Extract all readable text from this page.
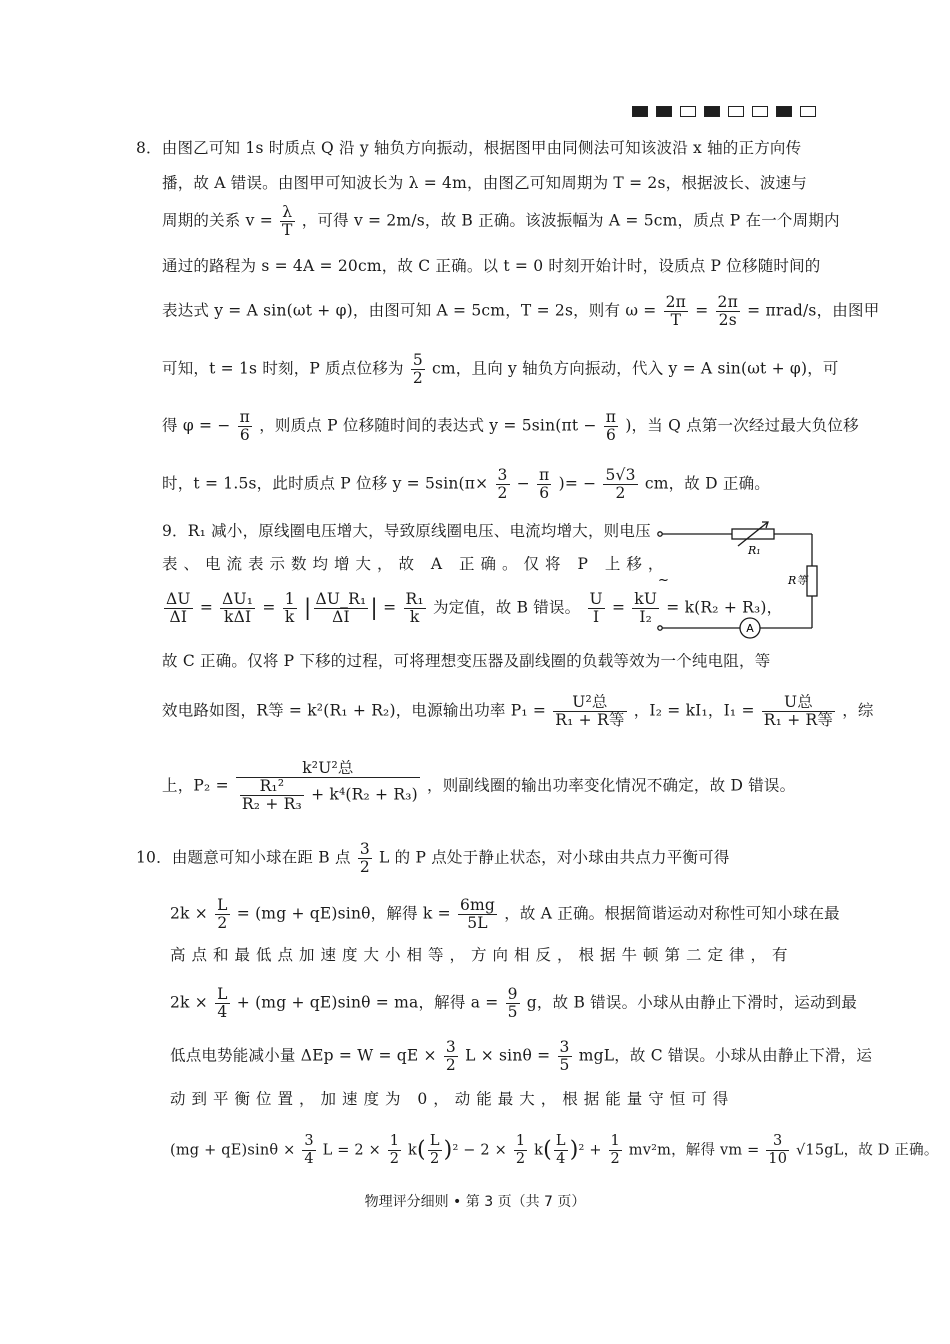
8．由图乙可知 1s 时质点 Q 沿 y 轴负方向振动，根据图甲由同侧法可知该波沿 x 轴的正方向传
播，故 A 错误。由图甲可知波长为 λ = 4m，由图乙可知周期为 T = 2s，根据波长、波速与
周期的关系 $v = \frac{\lambda}{T}$ ，可得 v = 2m/s，故 B 正确。该波振幅为 A = 5cm，质点 P 在一个周期内
通过的路程为 s = 4A = 20cm，故 C 正确。以 t = 0 时刻开始计时，设质点 P 位移随时间的
表达式 y = A sin(ωt + φ)，由图可知 A = 5cm，T = 2s，则有 $\omega = \frac{2\pi}{T} = \frac{2\pi}{2s} = \pi rad/s$，由图甲
可知，t = 1s 时刻，P 质点位移为 $\frac{5}{2}$ cm，且向 y 轴负方向振动，代入 y = A sin(ωt + φ)，可
得 φ = − $\frac{\pi}{6}$ ，则质点 P 位移随时间的表达式 $y = 5\sin(\pi t - \frac{\pi}{6}$ )，当 Q 点第一次经过最大负位移
时，t = 1.5s，此时质点 P 位移 $y = 5\sin(\pi\times \frac{3}{2} - \frac{\pi}{6}$ )= − $\frac{5√3}{2}$ cm，故 D 正确。
9．R₁ 减小，原线圈电压增大，导致原线圈电压、电流均增大，则电压
表、电流表示数均增大，故 A 正确。仅将 P 上移，
$\frac{\Delta U}{\Delta I} = \Delta U_1$
kΔI
= $\frac{1}{k}$ | $\frac{\text{ΔU\_R₁}}{\Delta I}$ | = $\frac{\text{R₁}}{k}$ 为定值，故 B 错误。 $\frac{U}{I} = \frac{kU}{\text{I₂}} = k(R_2 + R_3)$，
故 C 正确。仅将 P 下移的过程，可将理想变压器及副线圈的负载等效为一个纯电阻，等
效电路如图，R等 = k²(R₁ + R₂)，电源输出功率 P₁ =	U²总
R₁ + R等
，I₂ = kI₁，I₁ =	U总
R₁ + R等
，综
上，P₂ =
k²U²总
$\frac{\text{R₁²}}{\text{R₂ + R₃}} + k^4(R_2 + R_3)$ ，则副线圈的输出功率变化情况不确定，故 D 错误。
R₁
R等
A
~
10．由题意可知小球在距 B 点 $\frac{3}{2}$ L 的 P 点处于静止状态，对小球由共点力平衡可得
$2k \times \frac{L}{2} = (mg + qE)\sin\theta$，解得 $k = \frac{6mg}{5L}$ ，故 A 正确。根据简谐运动对称性可知小球在最
高点和最低点加速度大小相等，方向相反，根据牛顿第二定律，有
$2k \times \frac{L}{4} + (mg + qE)\sin\theta$ = ma，解得 $a = \frac{9}{5}$ g，故 B 错误。小球从由静止下滑时，运动到最
低点电势能减小量 ΔEp = W = qE × $\frac{3}{2}$ $L \times \sin\theta = \frac{3}{5}$ mgL，故 C 错误。小球从由静止下滑，运
动到平衡位置，加速度为 0，动能最大，根据能量守恒可得
$(mg + qE)\sin\theta \times \frac{3}{4}$ $L = 2 \times \frac{1}{2} k( \frac{L}{2} )^2 - 2 \times \frac{1}{2} k( \frac{L}{4} )^2 + \frac{1}{2} mv^2m$，解得 vm = $\frac{3}{10} √15gL$，故 D 正确。
物理评分细则 • 第 3 页（共 7 页）
